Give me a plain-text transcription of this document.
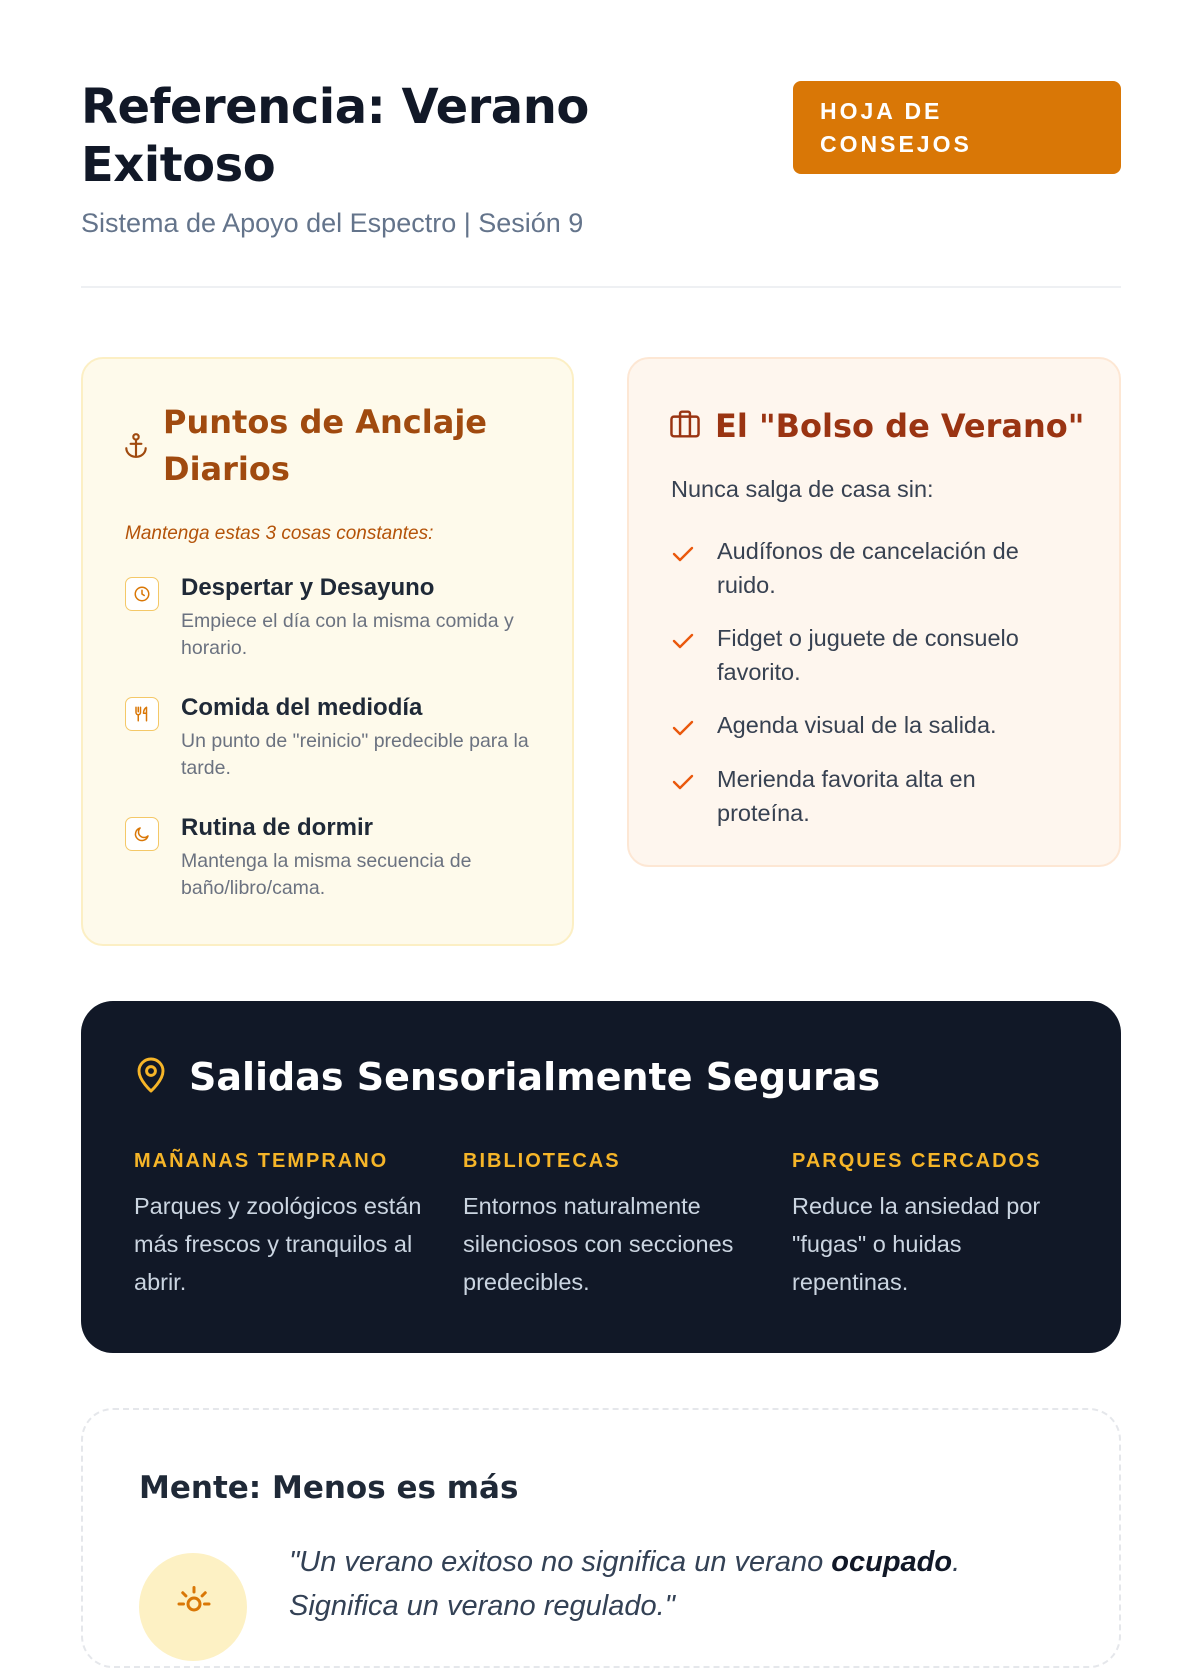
Referencia: Verano Exitoso
Sistema de Apoyo del Espectro | Sesión 9
HOJA DE CONSEJOS
Puntos de Anclaje Diarios
Mantenga estas 3 cosas constantes:
Despertar y Desayuno
Empiece el día con la misma comida y horario.
Comida del mediodía
Un punto de "reinicio" predecible para la tarde.
Rutina de dormir
Mantenga la misma secuencia de baño/libro/cama.
El "Bolso de Verano"
Nunca salga de casa sin:
Audífonos de cancelación de ruido.
Fidget o juguete de consuelo favorito.
Agenda visual de la salida.
Merienda favorita alta en proteína.
Salidas Sensorialmente Seguras
MAÑANAS TEMPRANO
Parques y zoológicos están más frescos y tranquilos al abrir.
BIBLIOTECAS
Entornos naturalmente silenciosos con secciones predecibles.
PARQUES CERCADOS
Reduce la ansiedad por "fugas" o huidas repentinas.
Mente: Menos es más
"Un verano exitoso no significa un verano ocupado.
Significa un verano regulado."
